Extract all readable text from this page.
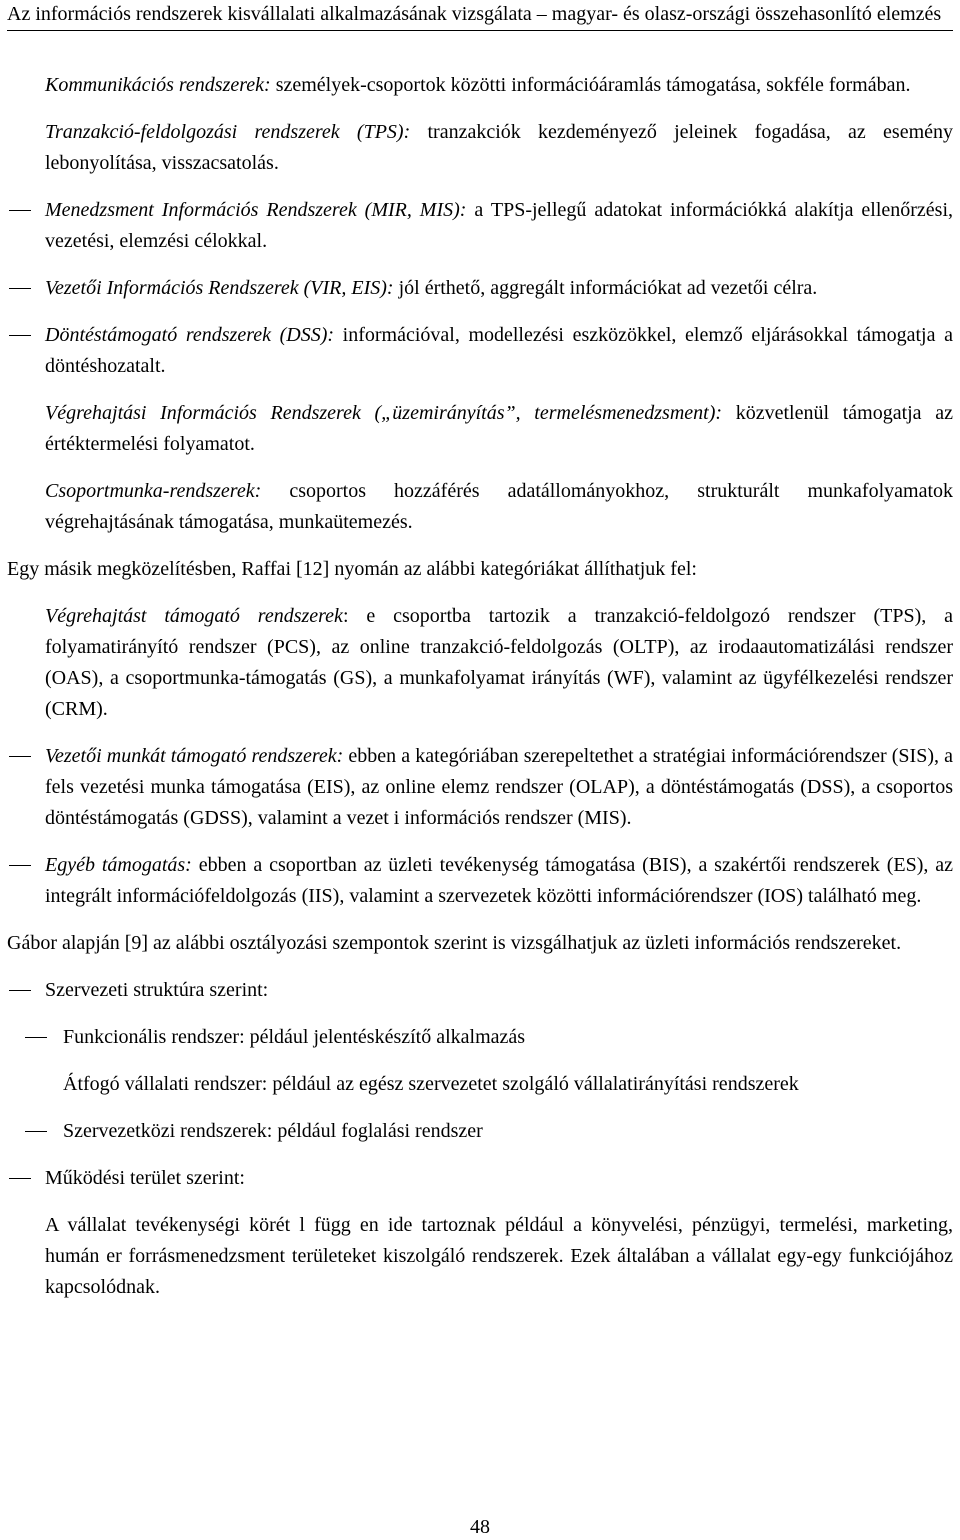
Az információs rendszerek kisvállalati alkalmazásának vizsgálata – magyar- és olasz-országi összehasonlító elemzés
Kommunikációs rendszerek: személyek-csoportok közötti információáramlás támogatása, sokféle formában.
Tranzakció-feldolgozási rendszerek (TPS): tranzakciók kezdeményező jeleinek fogadása, az esemény lebonyolítása, visszacsatolás.

Menedzsment Információs Rendszerek (MIR, MIS): a TPS-jellegű adatokat információkká alakítja ellenőrzési, vezetési, elemzési célokkal.

Vezetői Információs Rendszerek (VIR, EIS): jól érthető, aggregált információkat ad vezetői célra.

Döntéstámogató rendszerek (DSS): információval, modellezési eszközökkel, elemző eljárásokkal támogatja a döntéshozatalt.
Végrehajtási Információs Rendszerek („üzemirányítás”, termelésmenedzsment): közvetlenül támogatja az értéktermelési folyamatot.
Csoportmunka-rendszerek: csoportos hozzáférés adatállományokhoz, strukturált munkafolyamatok végrehajtásának támogatása, munkaütemezés.
Egy másik megközelítésben, Raffai [12] nyomán az alábbi kategóriákat állíthatjuk fel:
Végrehajtást támogató rendszerek: e csoportba tartozik a tranzakció-feldolgozó rendszer (TPS), a folyamatirányító rendszer (PCS), az online tranzakció-feldolgozás (OLTP), az irodaautomatizálási rendszer (OAS), a csoportmunka-támogatás (GS), a munkafolyamat irányítás (WF), valamint az ügyfélkezelési rendszer (CRM).

Vezetői munkát támogató rendszerek: ebben a kategóriában szerepeltethet a stratégiai információrendszer (SIS), a fels vezetési munka támogatása (EIS), az online elemz rendszer (OLAP), a döntéstámogatás (DSS), a csoportos döntéstámogatás (GDSS), valamint a vezet i információs rendszer (MIS).

Egyéb támogatás: ebben a csoportban az üzleti tevékenység támogatása (BIS), a szakértői rendszerek (ES), az integrált információfeldolgozás (IIS), valamint a szervezetek közötti információrendszer (IOS) található meg.
Gábor alapján [9] az alábbi osztályozási szempontok szerint is vizsgálhatjuk az üzleti információs rendszereket.

Szervezeti struktúra szerint:

Funkcionális rendszer: például jelentéskészítő alkalmazás
Átfogó vállalati rendszer: például az egész szervezetet szolgáló vállalatirányítási rendszerek

Szervezetközi rendszerek: például foglalási rendszer

Működési terület szerint:
A vállalat tevékenységi körét l függ en ide tartoznak például a könyvelési, pénzügyi, termelési, marketing, humán er forrásmenedzsment területeket kiszolgáló rendszerek. Ezek általában a vállalat egy-egy funkciójához kapcsolódnak.
48
